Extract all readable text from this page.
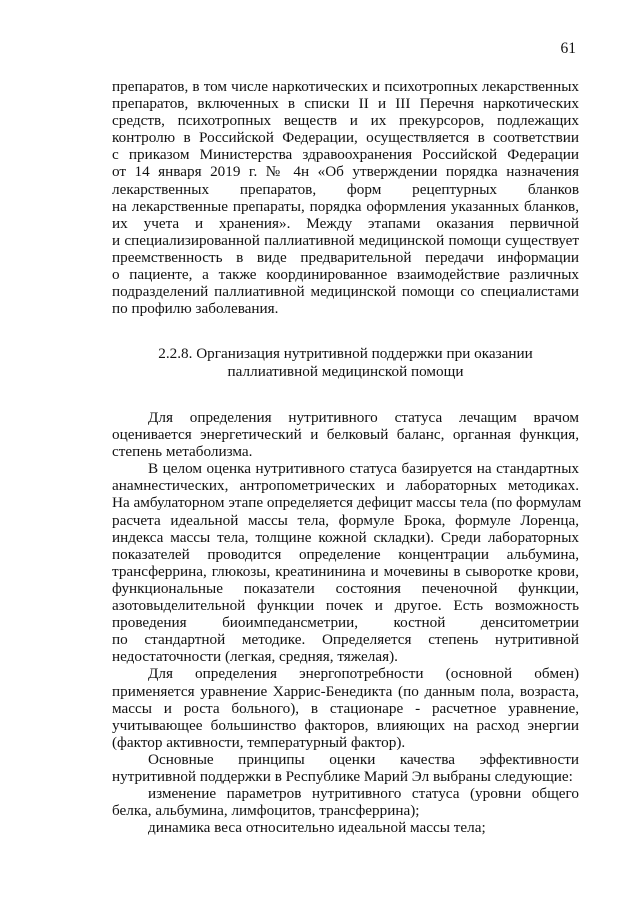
61
препаратов, в том числе наркотических и психотропных лекарственных
препаратов, включенных в списки II и III Перечня наркотических
средств, психотропных веществ и их прекурсоров, подлежащих
контролю в Российской Федерации, осуществляется в соответствии
с приказом Министерства здравоохранения Российской Федерации
от 14 января 2019 г. № 4н «Об утверждении порядка назначения
лекарственных препаратов, форм рецептурных бланков
на лекарственные препараты, порядка оформления указанных бланков,
их учета и хранения». Между этапами оказания первичной
и специализированной паллиативной медицинской помощи существует
преемственность в виде предварительной передачи информации
о пациенте, а также координированное взаимодействие различных
подразделений паллиативной медицинской помощи со специалистами
по профилю заболевания.
2.2.8. Организация нутритивной поддержки при оказании
паллиативной медицинской помощи
Для определения нутритивного статуса лечащим врачом
оценивается энергетический и белковый баланс, органная функция,
степень метаболизма.
В целом оценка нутритивного статуса базируется на стандартных
анамнестических, антропометрических и лабораторных методиках.
На амбулаторном этапе определяется дефицит массы тела (по формулам
расчета идеальной массы тела, формуле Брока, формуле Лоренца,
индекса массы тела, толщине кожной складки). Среди лабораторных
показателей проводится определение концентрации альбумина,
трансферрина, глюкозы, креатининина и мочевины в сыворотке крови,
функциональные показатели состояния печеночной функции,
азотовыделительной функции почек и другое. Есть возможность
проведения биоимпедансметрии, костной денситометрии
по стандартной методике. Определяется степень нутритивной
недостаточности (легкая, средняя, тяжелая).
Для определения энергопотребности (основной обмен)
применяется уравнение Харрис-Бенедикта (по данным пола, возраста,
массы и роста больного), в стационаре - расчетное уравнение,
учитывающее большинство факторов, влияющих на расход энергии
(фактор активности, температурный фактор).
Основные принципы оценки качества эффективности
нутритивной поддержки в Республике Марий Эл выбраны следующие:
изменение параметров нутритивного статуса (уровни общего
белка, альбумина, лимфоцитов, трансферрина);
динамика веса относительно идеальной массы тела;
